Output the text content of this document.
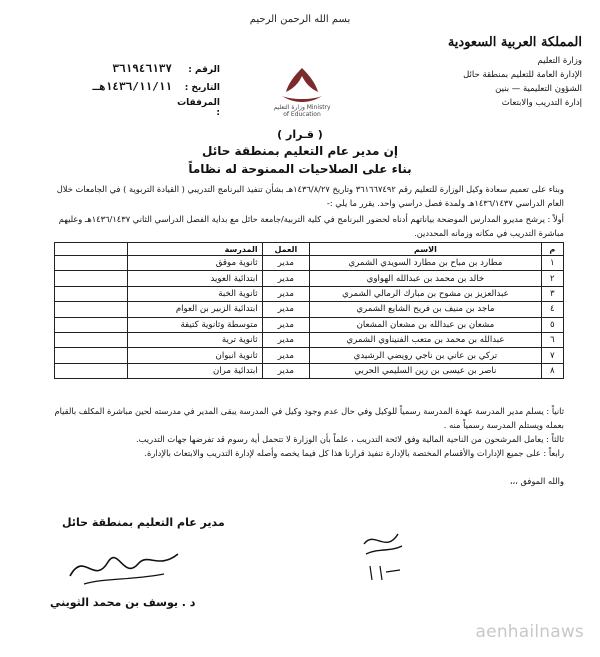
بسم الله الرحمن الرحيم
المملكة العربية السعودية
وزارة التعليم
الإدارة العامة للتعليم بمنطقة حائل
الشؤون التعليمية — بنين
إدارة التدريب والابتعاث
وزارة التعليم Ministry of Education
الرقم :
٣٦١٩٤٦١٣٧
التاريخ :
١٤٣٦/١١/١١هـ
المرفقات :
( قـرار )
إن مدير عام التعليم بمنطقة حائل
بناء على الصلاحيات الممنوحة له نظاماً
وبناء على تعميم سعادة وكيل الوزارة للتعليم رقم ٣٦١٦٦٧٤٩٢ وتاريخ ١٤٣٦/٨/٢٧هـ بشأن تنفيذ البرنامج التدريبي ( القيادة التربوية ) في الجامعات خلال العام الدراسي ١٤٣٦/١٤٣٧هـ ولمدة فصل دراسي واحد. يقرر ما يلي :-
أولاً : يرشح مديرو المدارس الموضحة بياناتهم أدناه لحضور البرنامج في كلية التربية/جامعة حائل مع بداية الفصل الدراسي الثاني ١٤٣٦/١٤٣٧هـ وعليهم مباشرة التدريب في مكانه وزمانه المحددين.
م	الاسم	العمل	المدرسة	
١	مطارد بن مباح بن مطارد السويدي الشمري	مدير	ثانوية موقق	
٢	خالد بن محمد بن عبدالله الهواوي	مدير	ابتدائية العويد	
٣	عبدالعزيز بن مشوح بن مبارك الرمالي الشمري	مدير	ثانوية الخبة	
٤	ماجد بن منيف بن فريح الشايع الشمري	مدير	ابتدائية الزبير بن العوام	
٥	مشعان بن عبدالله بن مشعان المشعان	مدير	متوسطة وثانوية كتيفة	
٦	عبدالله بن محمد بن متعب الفنيناوي الشمري	مدير	ثانوية ترية	
٧	تركي بن عاني بن ناجي رويضي الرشيدي	مدير	ثانوية انبوان	
٨	ناصر بن عيسى بن رين السليمي الحربي	مدير	ابتدائية مران	
ثانياً : يسلم مدير المدرسة عهدة المدرسة رسمياً للوكيل وفي حال عدم وجود وكيل في المدرسة يبقى المدير في مدرسته لحين مباشرة المكلف بالقيام بعمله ويستلم المدرسة رسمياً منه .
ثالثاً : يعامل المرشحون من الناحية المالية وفق لائحة التدريب ، علماً بأن الوزارة لا تتحمل أية رسوم قد تفرضها جهات التدريب.
رابعاً : على جميع الإدارات والأقسام المختصة بالإدارة تنفيذ قرارنا هذا كل فيما يخصه وأصله لإدارة التدريب والابتعاث بالإدارة.
والله الموفق ،،،
مدير عام التعليم بمنطقة حائل
د . يوسف بن محمد الثويني
aenhailnaws
